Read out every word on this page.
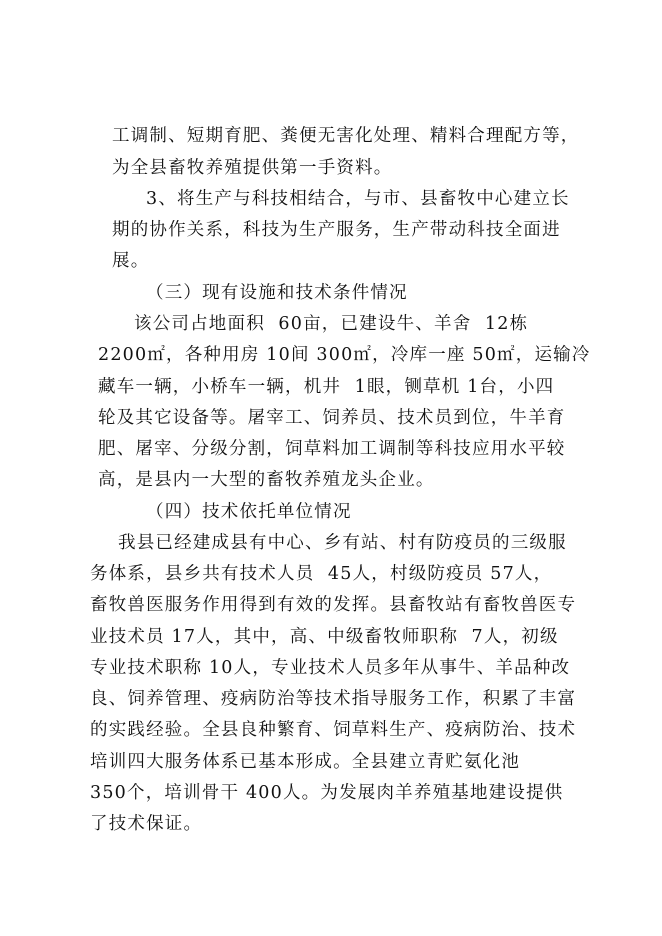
工调制、短期育肥、粪便无害化处理、精料合理配方等，
为全县畜牧养殖提供第一手资料。
3、将生产与科技相结合，与市、县畜牧中心建立长
期的协作关系，科技为生产服务，生产带动科技全面进
展。
（三）现有设施和技术条件情况
该公司占地面积  60亩，已建设牛、羊舍  12栋
2200㎡，各种用房 10间 300㎡，冷库一座 50㎡，运输冷
藏车一辆，小桥车一辆，机井  1眼，铡草机 1台，小四
轮及其它设备等。屠宰工、饲养员、技术员到位，牛羊育
肥、屠宰、分级分割，饲草料加工调制等科技应用水平较
高，是县内一大型的畜牧养殖龙头企业。
（四）技术依托单位情况
我县已经建成县有中心、乡有站、村有防疫员的三级服
务体系，县乡共有技术人员  45人，村级防疫员 57人，
畜牧兽医服务作用得到有效的发挥。县畜牧站有畜牧兽医专
业技术员 17人，其中，高、中级畜牧师职称  7人，初级
专业技术职称 10人，专业技术人员多年从事牛、羊品种改
良、饲养管理、疫病防治等技术指导服务工作，积累了丰富
的实践经验。全县良种繁育、饲草料生产、疫病防治、技术
培训四大服务体系已基本形成。全县建立青贮氨化池
350个，培训骨干 400人。为发展肉羊养殖基地建设提供
了技术保证。
